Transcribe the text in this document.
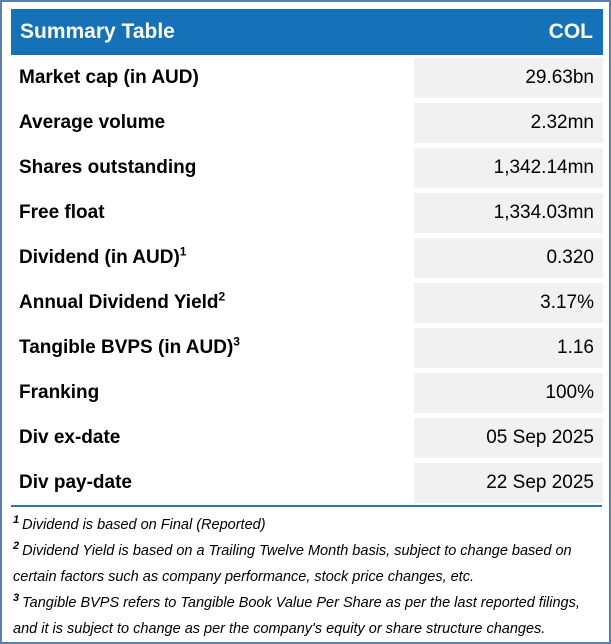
Summary Table	COL
Market cap (in AUD)	29.63bn
Average volume	2.32mn
Shares outstanding	1,342.14mn
Free float	1,334.03mn
Dividend (in AUD)$^1$	0.320
Annual Dividend Yield$^2$	3.17%
Tangible BVPS (in AUD)$^3$	1.16
Franking	100%
Div ex-date	05 Sep 2025
Div pay-date	22 Sep 2025

$^1$ Dividend is based on Final (Reported)

$^2$ Dividend Yield is based on a Trailing Twelve Month basis, subject to change based on certain factors such as company performance, stock price changes, etc.

$^3$ Tangible BVPS refers to Tangible Book Value Per Share as per the last reported filings, and it is subject to change as per the company's equity or share structure changes.
